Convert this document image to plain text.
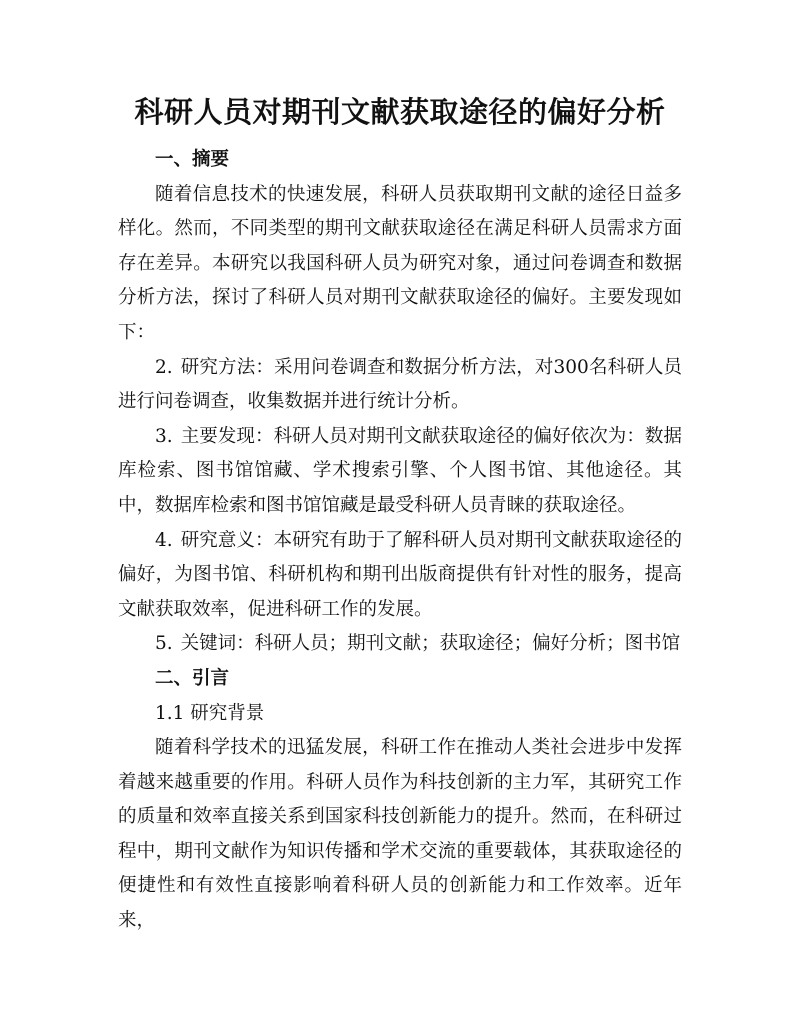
科研人员对期刊文献获取途径的偏好分析

一、摘要

随着信息技术的快速发展，科研人员获取期刊文献的途径日益多样化。然而，不同类型的期刊文献获取途径在满足科研人员需求方面存在差异。本研究以我国科研人员为研究对象，通过问卷调查和数据分析方法，探讨了科研人员对期刊文献获取途径的偏好。主要发现如下：

2. 研究方法：采用问卷调查和数据分析方法，对300名科研人员进行问卷调查，收集数据并进行统计分析。

3. 主要发现：科研人员对期刊文献获取途径的偏好依次为：数据库检索、图书馆馆藏、学术搜索引擎、个人图书馆、其他途径。其中，数据库检索和图书馆馆藏是最受科研人员青睐的获取途径。

4. 研究意义：本研究有助于了解科研人员对期刊文献获取途径的偏好，为图书馆、科研机构和期刊出版商提供有针对性的服务，提高文献获取效率，促进科研工作的发展。

5. 关键词：科研人员；期刊文献；获取途径；偏好分析；图书馆

二、引言

1.1 研究背景

随着科学技术的迅猛发展，科研工作在推动人类社会进步中发挥着越来越重要的作用。科研人员作为科技创新的主力军，其研究工作的质量和效率直接关系到国家科技创新能力的提升。然而，在科研过程中，期刊文献作为知识传播和学术交流的重要载体，其获取途径的便捷性和有效性直接影响着科研人员的创新能力和工作效率。近年来，
